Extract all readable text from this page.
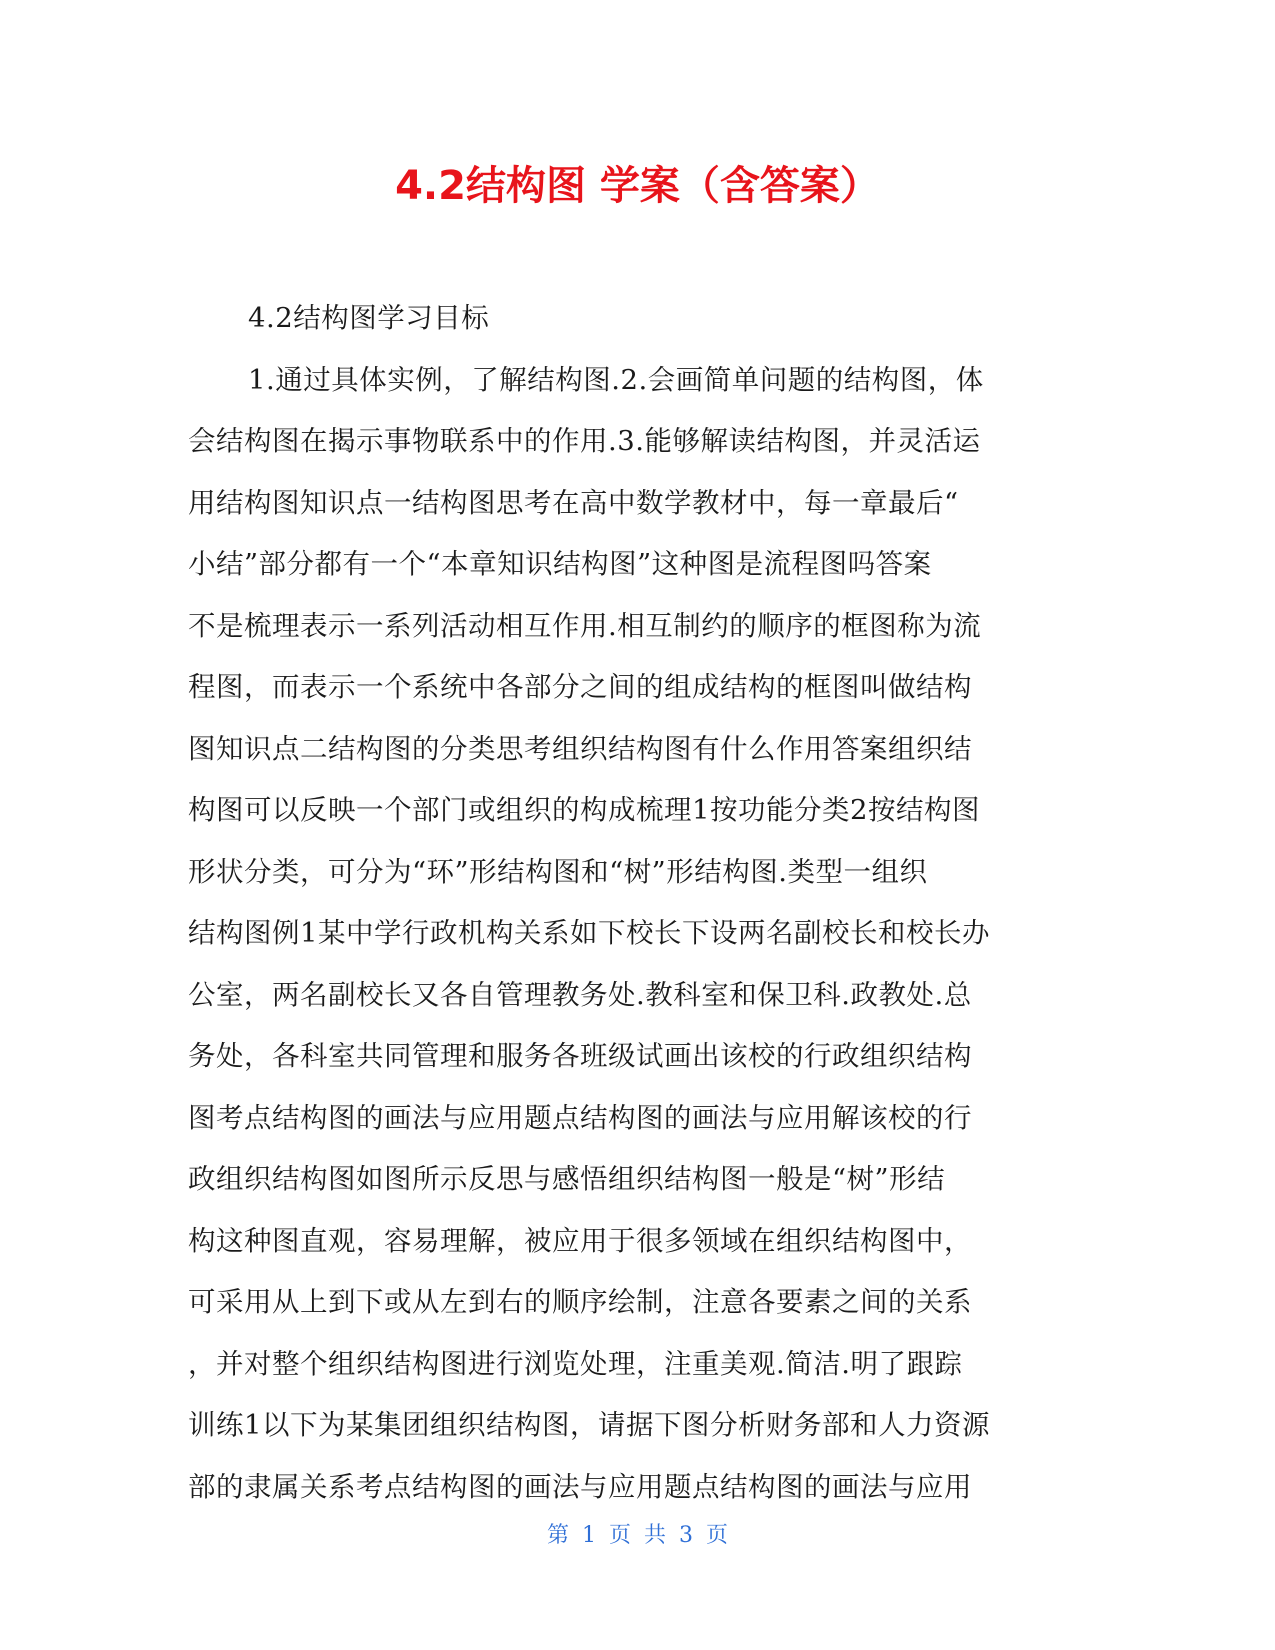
4.2结构图 学案（含答案）

4.2结构图学习目标

1.通过具体实例，了解结构图.2.会画简单问题的结构图，体

会结构图在揭示事物联系中的作用.3.能够解读结构图，并灵活运

用结构图知识点一结构图思考在高中数学教材中，每一章最后“

小结”部分都有一个“本章知识结构图”这种图是流程图吗答案

不是梳理表示一系列活动相互作用.相互制约的顺序的框图称为流

程图，而表示一个系统中各部分之间的组成结构的框图叫做结构

图知识点二结构图的分类思考组织结构图有什么作用答案组织结

构图可以反映一个部门或组织的构成梳理1按功能分类2按结构图

形状分类，可分为“环”形结构图和“树”形结构图.类型一组织

结构图例1某中学行政机构关系如下校长下设两名副校长和校长办

公室，两名副校长又各自管理教务处.教科室和保卫科.政教处.总

务处，各科室共同管理和服务各班级试画出该校的行政组织结构

图考点结构图的画法与应用题点结构图的画法与应用解该校的行

政组织结构图如图所示反思与感悟组织结构图一般是“树”形结

构这种图直观，容易理解，被应用于很多领域在组织结构图中，

可采用从上到下或从左到右的顺序绘制，注意各要素之间的关系

，并对整个组织结构图进行浏览处理，注重美观.简洁.明了跟踪

训练1以下为某集团组织结构图，请据下图分析财务部和人力资源

部的隶属关系考点结构图的画法与应用题点结构图的画法与应用

第 1 页 共 3 页
